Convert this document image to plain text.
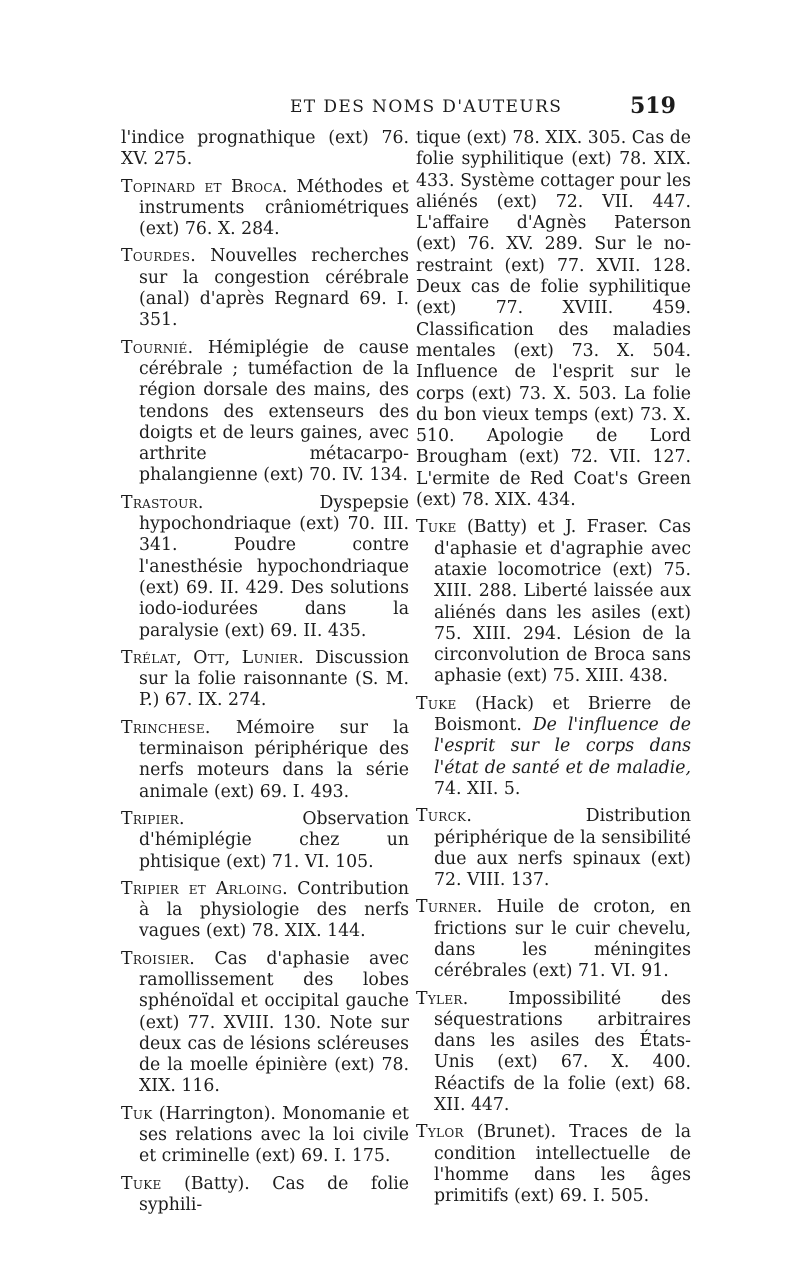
ET DES NOMS D'AUTEURS	519

l'indice prognathique (ext) 76. XV. 275.

Topinard et Broca. Méthodes et instruments crâniométriques (ext) 76. X. 284.

Tourdes. Nouvelles recherches sur la congestion cérébrale (anal) d'après Regnard 69. I. 351.

Tournié. Hémiplégie de cause cérébrale ; tuméfaction de la région dorsale des mains, des tendons des extenseurs des doigts et de leurs gaines, avec arthrite métacarpo-phalangienne (ext) 70. IV. 134.

Trastour. Dyspepsie hypochondriaque (ext) 70. III. 341. Poudre contre l'anesthésie hypochondriaque (ext) 69. II. 429. Des solutions iodo-iodurées dans la paralysie (ext) 69. II. 435.

Trélat, Ott, Lunier. Discussion sur la folie raisonnante (S. M. P.) 67. IX. 274.

Trinchese. Mémoire sur la terminaison périphérique des nerfs moteurs dans la série animale (ext) 69. I. 493.

Tripier. Observation d'hémiplégie chez un phtisique (ext) 71. VI. 105.

Tripier et Arloing. Contribution à la physiologie des nerfs vagues (ext) 78. XIX. 144.

Troisier. Cas d'aphasie avec ramollissement des lobes sphénoïdal et occipital gauche (ext) 77. XVIII. 130. Note sur deux cas de lésions scléreuses de la moelle épinière (ext) 78. XIX. 116.

Tuk (Harrington). Monomanie et ses relations avec la loi civile et criminelle (ext) 69. I. 175.

Tuke (Batty). Cas de folie syphili-

tique (ext) 78. XIX. 305. Cas de folie syphilitique (ext) 78. XIX. 433. Système cottager pour les aliénés (ext) 72. VII. 447. L'affaire d'Agnès Paterson (ext) 76. XV. 289. Sur le no-restraint (ext) 77. XVII. 128. Deux cas de folie syphilitique (ext) 77. XVIII. 459. Classification des maladies mentales (ext) 73. X. 504. Influence de l'esprit sur le corps (ext) 73. X. 503. La folie du bon vieux temps (ext) 73. X. 510. Apologie de Lord Brougham (ext) 72. VII. 127. L'ermite de Red Coat's Green (ext) 78. XIX. 434.

Tuke (Batty) et J. Fraser. Cas d'aphasie et d'agraphie avec ataxie locomotrice (ext) 75. XIII. 288. Liberté laissée aux aliénés dans les asiles (ext) 75. XIII. 294. Lésion de la circonvolution de Broca sans aphasie (ext) 75. XIII. 438.

Tuke (Hack) et Brierre de Boismont. De l'influence de l'esprit sur le corps dans l'état de santé et de maladie, 74. XII. 5.

Turck. Distribution périphérique de la sensibilité due aux nerfs spinaux (ext) 72. VIII. 137.

Turner. Huile de croton, en frictions sur le cuir chevelu, dans les méningites cérébrales (ext) 71. VI. 91.

Tyler. Impossibilité des séquestrations arbitraires dans les asiles des États-Unis (ext) 67. X. 400. Réactifs de la folie (ext) 68. XII. 447.

Tylor (Brunet). Traces de la condition intellectuelle de l'homme dans les âges primitifs (ext) 69. I. 505.
